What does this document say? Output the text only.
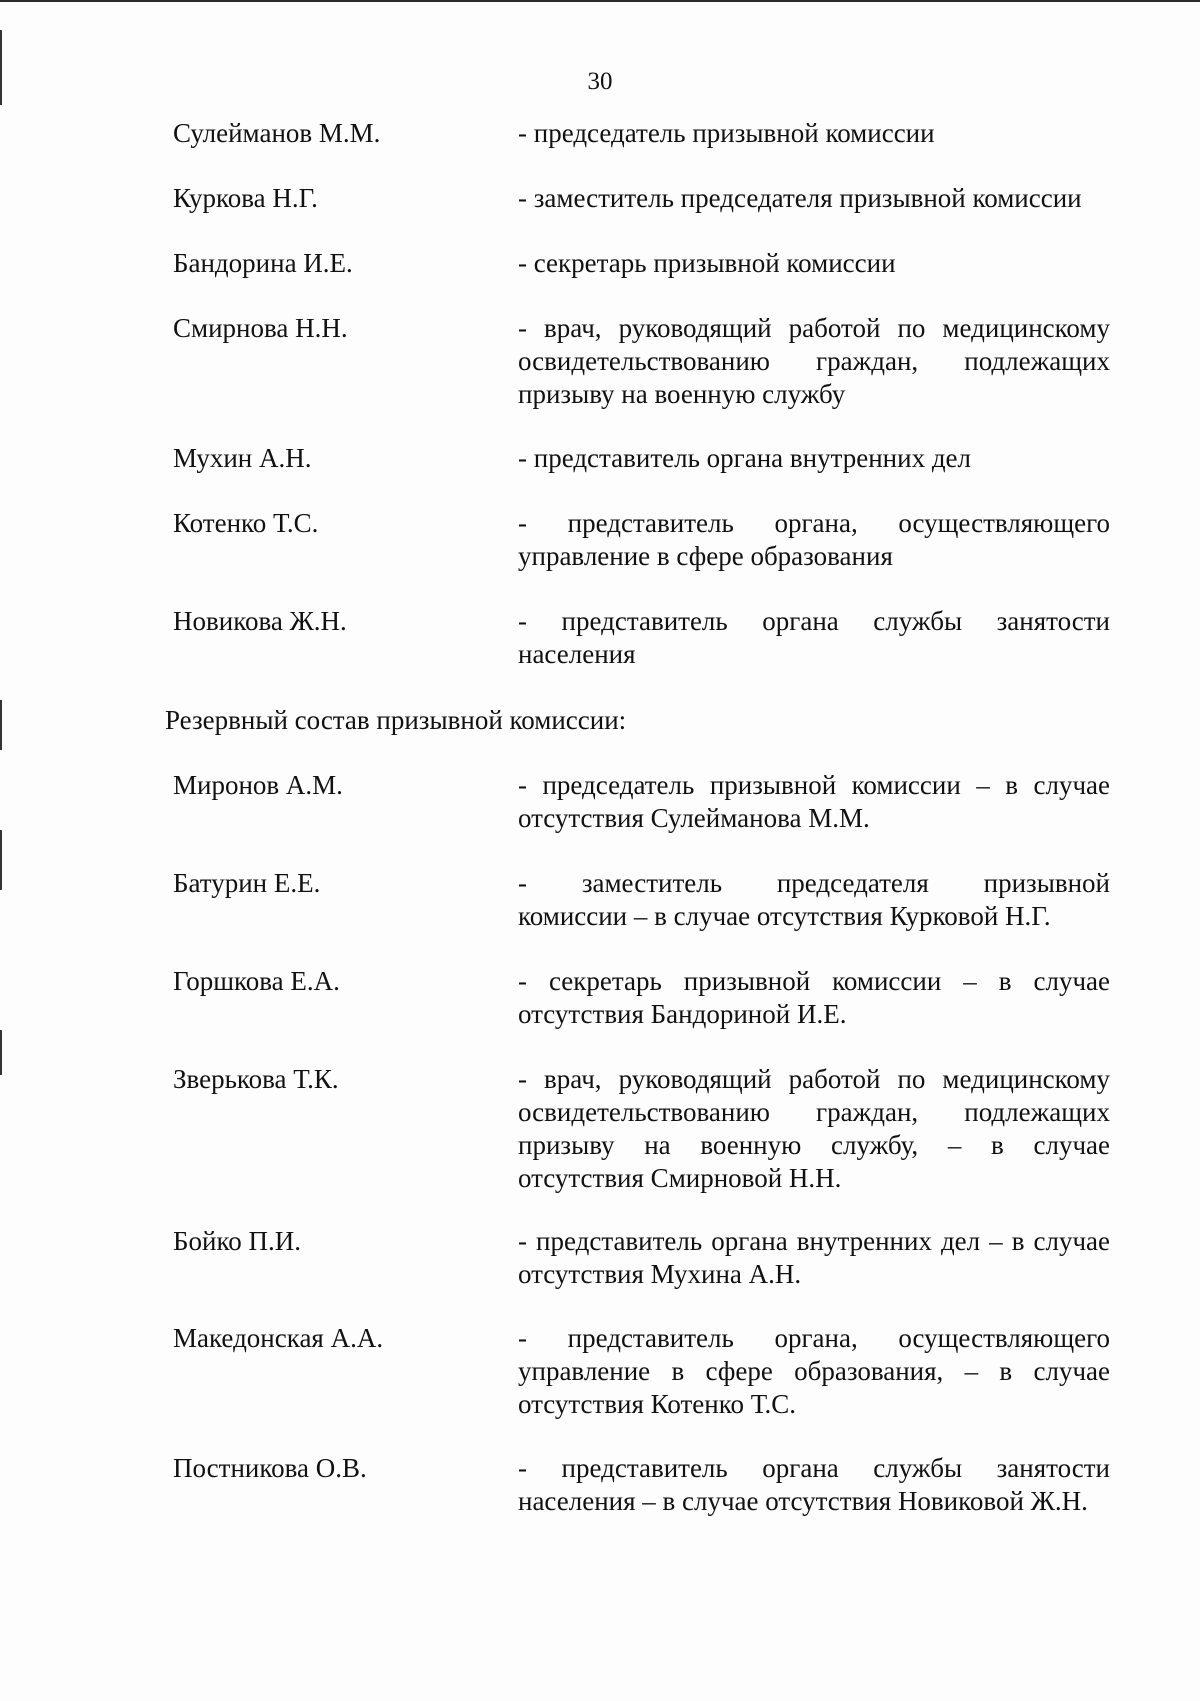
30
Сулейманов М.М.	- председатель призывной комиссии
Куркова Н.Г.	- заместитель председателя призывной комиссии
Бандорина И.Е.	- секретарь призывной комиссии
Смирнова Н.Н.	- врач, руководящий работой по медицинскому
освидетельствованию граждан, подлежащих
призыву на военную службу
Мухин А.Н.	- представитель органа внутренних дел
Котенко Т.С.	- представитель органа, осуществляющего
управление в сфере образования
Новикова Ж.Н.	- представитель органа службы занятости
населения
Резервный состав призывной комиссии:
Миронов А.М.	- председатель призывной комиссии – в случае
отсутствия Сулейманова М.М.
Батурин Е.Е.	- заместитель председателя призывной
комиссии – в случае отсутствия Курковой Н.Г.
Горшкова Е.А.	- секретарь призывной комиссии – в случае
отсутствия Бандориной И.Е.
Зверькова Т.К.	- врач, руководящий работой по медицинскому
освидетельствованию граждан, подлежащих
призыву на военную службу, – в случае
отсутствия Смирновой Н.Н.
Бойко П.И.	- представитель органа внутренних дел – в случае
отсутствия Мухина А.Н.
Македонская А.А.	- представитель органа, осуществляющего
управление в сфере образования, – в случае
отсутствия Котенко Т.С.
Постникова О.В.	- представитель органа службы занятости
населения – в случае отсутствия Новиковой Ж.Н.
